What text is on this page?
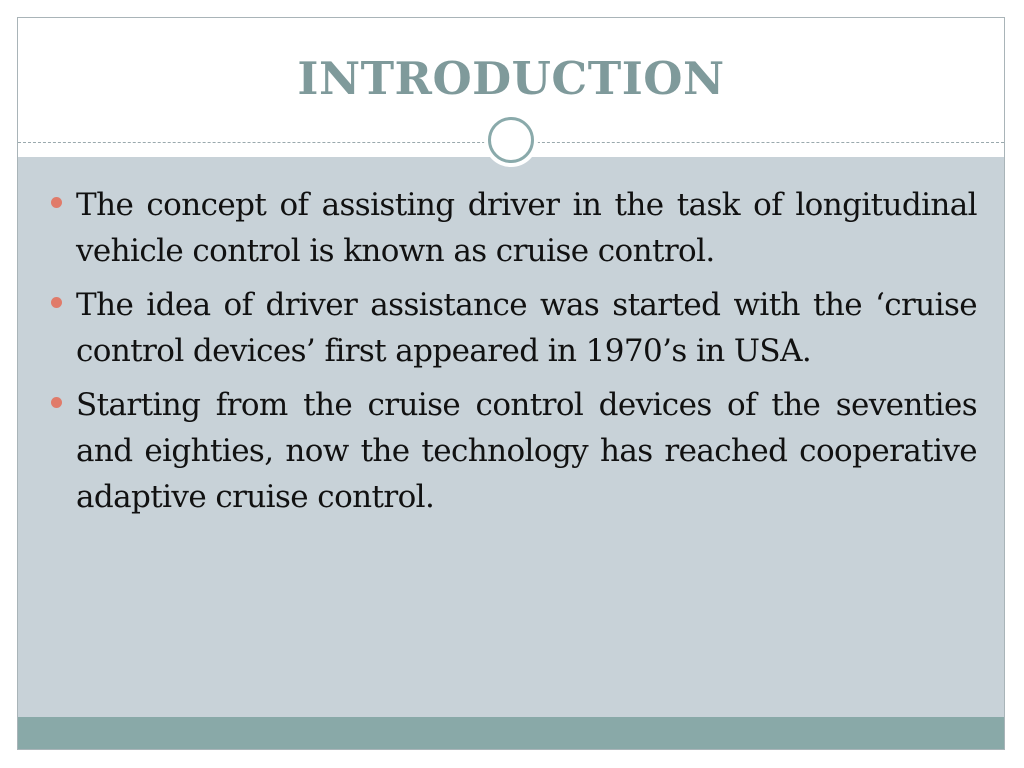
INTRODUCTION
The concept of assisting driver in the task of longitudinal vehicle control is known as cruise control.
The idea of driver assistance was started with the ‘cruise control devices’ first appeared in 1970’s in USA.
Starting from the cruise control devices of the seventies and eighties, now the technology has reached cooperative adaptive cruise control.
